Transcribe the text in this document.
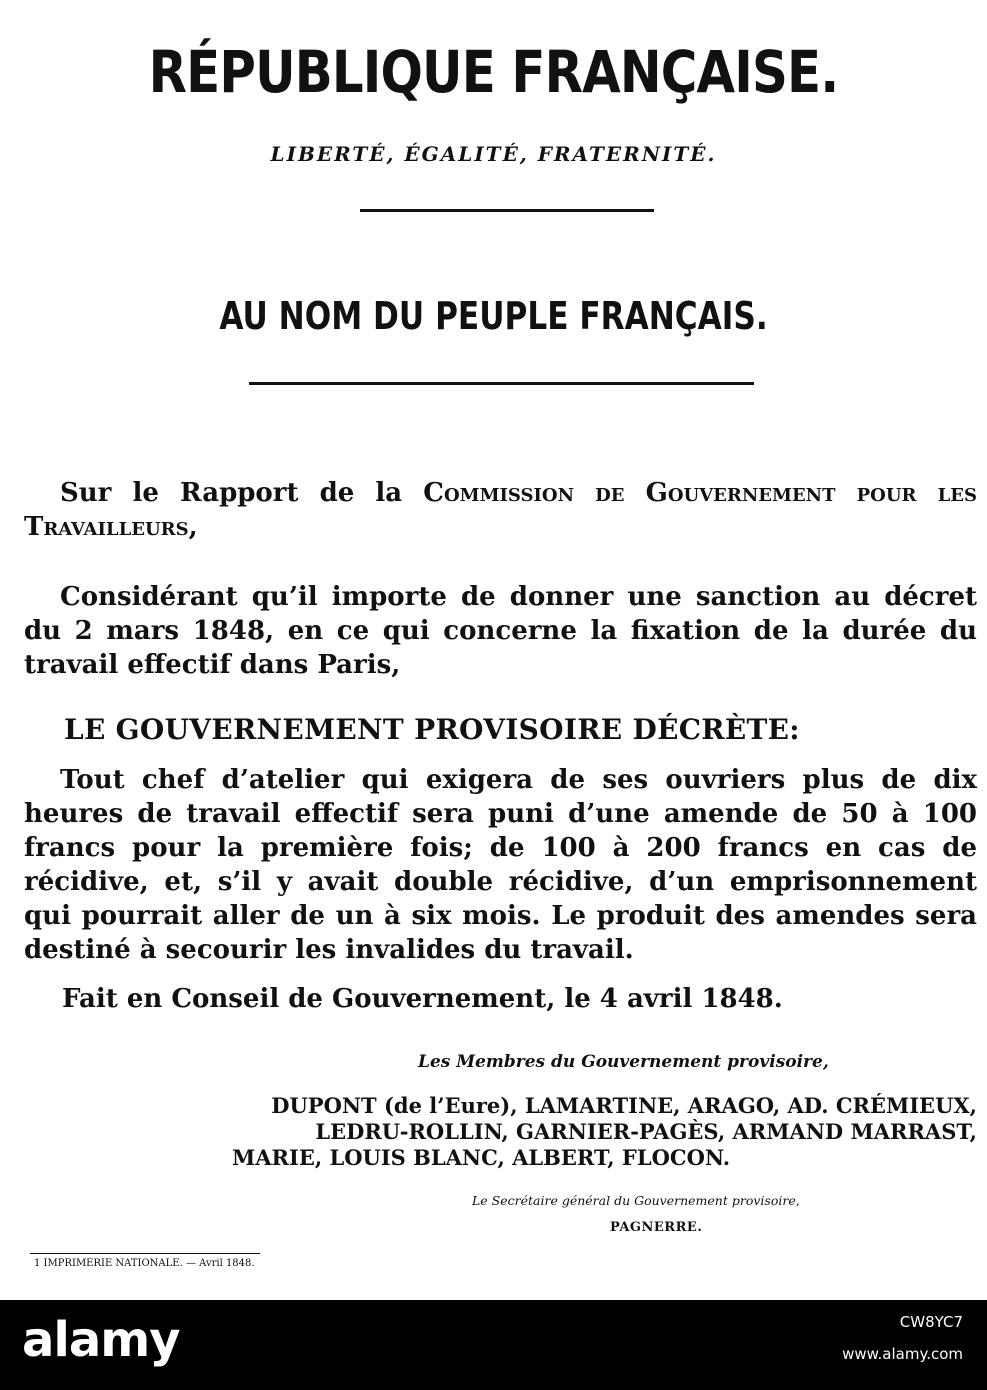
RÉPUBLIQUE FRANÇAISE.
LIBERTÉ, ÉGALITÉ, FRATERNITÉ.
AU NOM DU PEUPLE FRANÇAIS.
Sur le Rapport de la Commission de Gouvernement pour les
Travailleurs,
Considérant qu’il importe de donner une sanction au décret du 2 mars 1848, en ce qui concerne la fixation de la durée du travail effectif dans Paris,
LE GOUVERNEMENT PROVISOIRE DÉCRÈTE:
Tout chef d’atelier qui exigera de ses ouvriers plus de dix heures de travail effectif sera puni d’une amende de 50 à 100 francs pour la première fois; de 100 à 200 francs en cas de récidive, et, s’il y avait double récidive, d’un emprisonnement qui pourrait aller de un à six mois. Le produit des amendes sera destiné à secourir les invalides du travail.
Fait en Conseil de Gouvernement, le 4 avril 1848.
Les Membres du Gouvernement provisoire,
DUPONT (de l’Eure), LAMARTINE, ARAGO, AD. CRÉMIEUX,
LEDRU-ROLLIN, GARNIER-PAGÈS, ARMAND MARRAST,
MARIE, LOUIS BLANC, ALBERT, FLOCON.
Le Secrétaire général du Gouvernement provisoire,
PAGNERRE.
1 IMPRIMERIE NATIONALE. — Avril 1848.
alamy	CW8YC7
www.alamy.com
